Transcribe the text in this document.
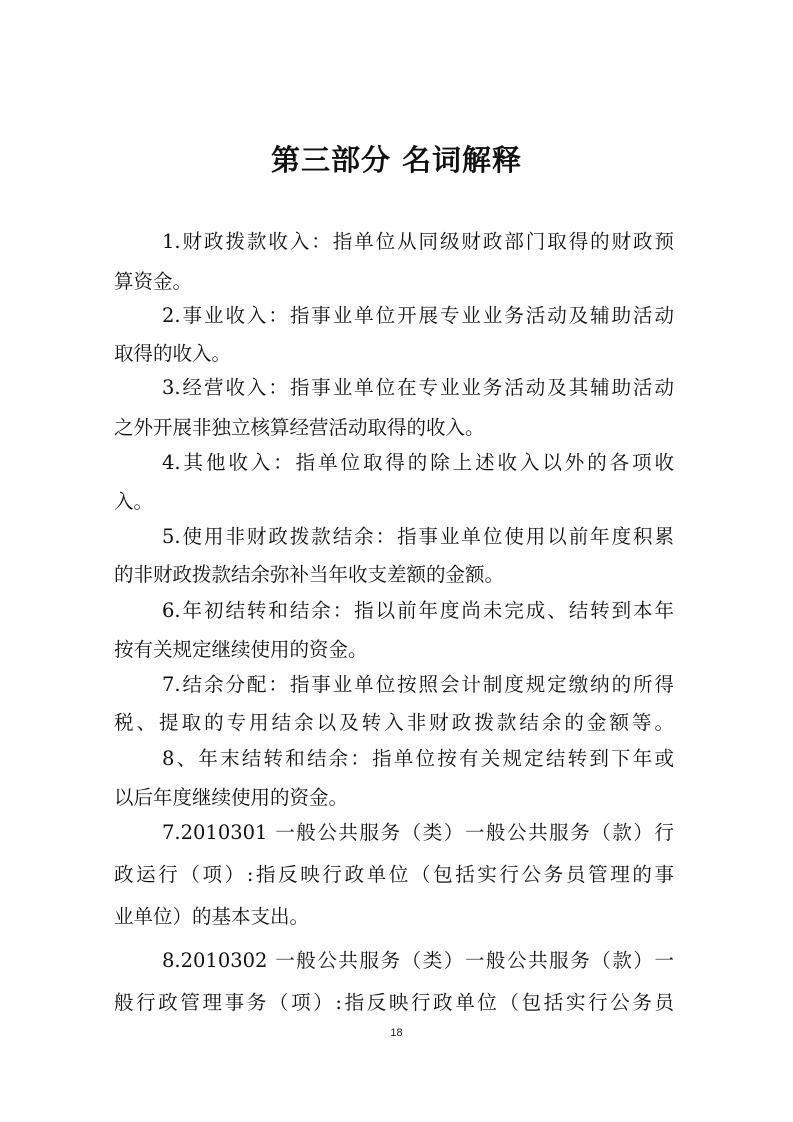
第三部分 名词解释
1.财政拨款收入：指单位从同级财政部门取得的财政预
算资金。
2.事业收入：指事业单位开展专业业务活动及辅助活动
取得的收入。
3.经营收入：指事业单位在专业业务活动及其辅助活动
之外开展非独立核算经营活动取得的收入。
4.其他收入：指单位取得的除上述收入以外的各项收
入。
5.使用非财政拨款结余：指事业单位使用以前年度积累
的非财政拨款结余弥补当年收支差额的金额。
6.年初结转和结余：指以前年度尚未完成、结转到本年
按有关规定继续使用的资金。
7.结余分配：指事业单位按照会计制度规定缴纳的所得
税、提取的专用结余以及转入非财政拨款结余的金额等。
8、年末结转和结余：指单位按有关规定结转到下年或
以后年度继续使用的资金。
7.2010301 一般公共服务（类）一般公共服务（款）行
政运行（项）:指反映行政单位（包括实行公务员管理的事
业单位）的基本支出。
8.2010302 一般公共服务（类）一般公共服务（款）一
般行政管理事务（项）:指反映行政单位（包括实行公务员
18
